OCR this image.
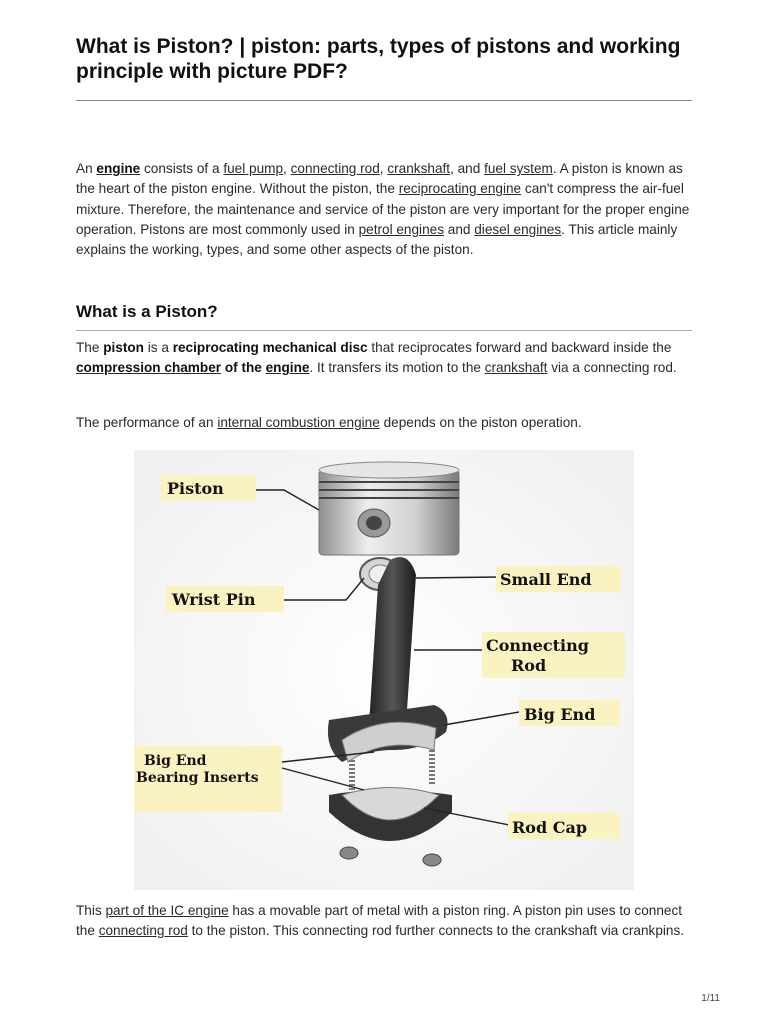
What is Piston? | piston: parts, types of pistons and working principle with picture PDF?
An engine consists of a fuel pump, connecting rod, crankshaft, and fuel system. A piston is known as the heart of the piston engine. Without the piston, the reciprocating engine can't compress the air-fuel mixture. Therefore, the maintenance and service of the piston are very important for the proper engine operation. Pistons are most commonly used in petrol engines and diesel engines. This article mainly explains the working, types, and some other aspects of the piston.
What is a Piston?
The piston is a reciprocating mechanical disc that reciprocates forward and backward inside the compression chamber of the engine. It transfers its motion to the crankshaft via a connecting rod.
The performance of an internal combustion engine depends on the piston operation.
Piston
Wrist Pin
Small End
Connecting
Rod
Big End
Big End
Bearing Inserts
Rod Cap
This part of the IC engine has a movable part of metal with a piston ring. A piston pin uses to connect the connecting rod to the piston. This connecting rod further connects to the crankshaft via crankpins.
1/11
